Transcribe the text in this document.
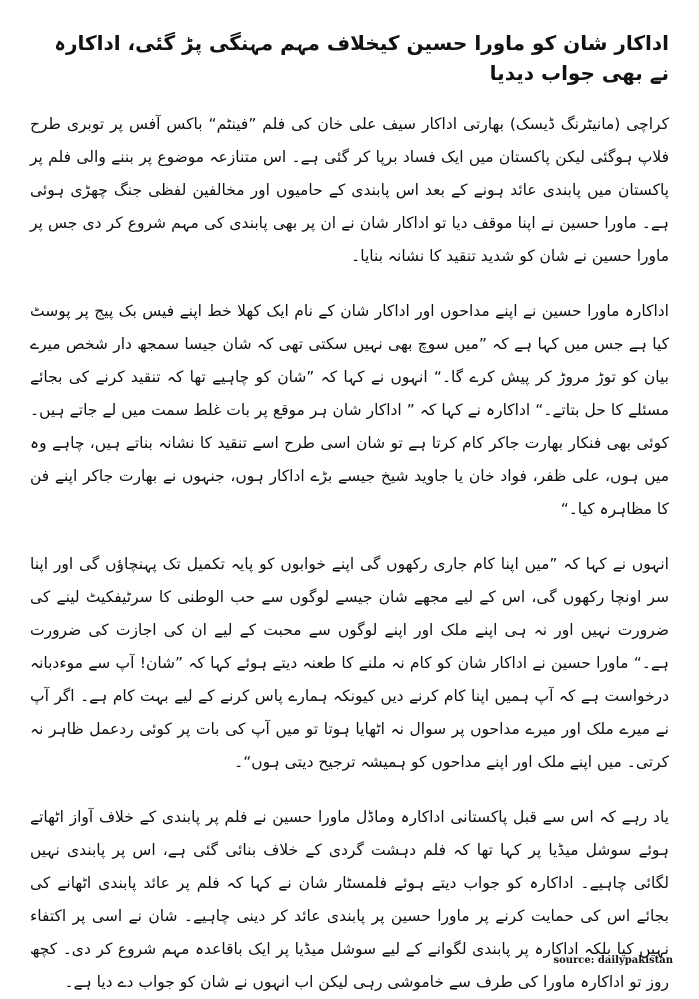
اداکار شان کو ماورا حسین کیخلاف مہم مہنگی پڑ گئی، اداکارہ نے بھی جواب دیدیا

کراچی (مانیٹرنگ ڈیسک) بھارتی اداکار سیف علی خان کی فلم ”فینٹم“ باکس آفس پر توبری طرح فلاپ ہوگئی لیکن پاکستان میں ایک فساد برپا کر گئی ہے۔ اس متنازعہ موضوع پر بننے والی فلم پر پاکستان میں پابندی عائد ہونے کے بعد اس پابندی کے حامیوں اور مخالفین لفظی جنگ چھڑی ہوئی ہے۔ ماورا حسین نے اپنا موقف دیا تو اداکار شان نے ان پر بھی پابندی کی مہم شروع کر دی جس پر ماورا حسین نے شان کو شدید تنقید کا نشانہ بنایا۔

اداکارہ ماورا حسین نے اپنے مداحوں اور اداکار شان کے نام ایک کھلا خط اپنے فیس بک پیج پر پوسٹ کیا ہے جس میں کہا ہے کہ ”میں سوچ بھی نہیں سکتی تھی کہ شان جیسا سمجھ دار شخص میرے بیان کو توڑ مروڑ کر پیش کرے گا۔“ انہوں نے کہا کہ ”شان کو چاہیے تھا کہ تنقید کرنے کی بجائے مسئلے کا حل بتاتے۔“ اداکارہ نے کہا کہ ” اداکار شان ہر موقع پر بات غلط سمت میں لے جاتے ہیں۔ کوئی بھی فنکار بھارت جاکر کام کرتا ہے تو شان اسی طرح اسے تنقید کا نشانہ بناتے ہیں، چاہے وہ میں ہوں، علی ظفر، فواد خان یا جاوید شیخ جیسے بڑے اداکار ہوں، جنہوں نے بھارت جاکر اپنے فن کا مظاہرہ کیا۔“

انہوں نے کہا کہ ”میں اپنا کام جاری رکھوں گی اپنے خوابوں کو پایہ تکمیل تک پہنچاؤں گی اور اپنا سر اونچا رکھوں گی، اس کے لیے مجھے شان جیسے لوگوں سے حب الوطنی کا سرٹیفکیٹ لینے کی ضرورت نہیں اور نہ ہی اپنے ملک اور اپنے لوگوں سے محبت کے لیے ان کی اجازت کی ضرورت ہے۔“ ماورا حسین نے اداکار شان کو کام نہ ملنے کا طعنہ دیتے ہوئے کہا کہ ”شان! آپ سے موءدبانہ درخواست ہے کہ آپ ہمیں اپنا کام کرنے دیں کیونکہ ہمارے پاس کرنے کے لیے بہت کام ہے۔ اگر آپ نے میرے ملک اور میرے مداحوں پر سوال نہ اٹھایا ہوتا تو میں آپ کی بات پر کوئی ردعمل ظاہر نہ کرتی۔ میں اپنے ملک اور اپنے مداحوں کو ہمیشہ ترجیح دیتی ہوں“۔

یاد رہے کہ اس سے قبل پاکستانی اداکارہ وماڈل ماورا حسین نے فلم پر پابندی کے خلاف آواز اٹھاتے ہوئے سوشل میڈیا پر کہا تھا کہ فلم دہشت گردی کے خلاف بنائی گئی ہے، اس پر پابندی نہیں لگائی چاہیے۔ اداکارہ کو جواب دیتے ہوئے فلمسٹار شان نے کہا کہ فلم پر عائد پابندی اٹھانے کی بجائے اس کی حمایت کرنے پر ماورا حسین پر پابندی عائد کر دینی چاہیے۔ شان نے اسی پر اکتفاء نہیں کیا بلکہ اداکارہ پر پابندی لگوانے کے لیے سوشل میڈیا پر ایک باقاعدہ مہم شروع کر دی۔ کچھ روز تو اداکارہ ماورا کی طرف سے خاموشی رہی لیکن اب انہوں نے شان کو جواب دے دیا ہے۔

source: dailypakistan
